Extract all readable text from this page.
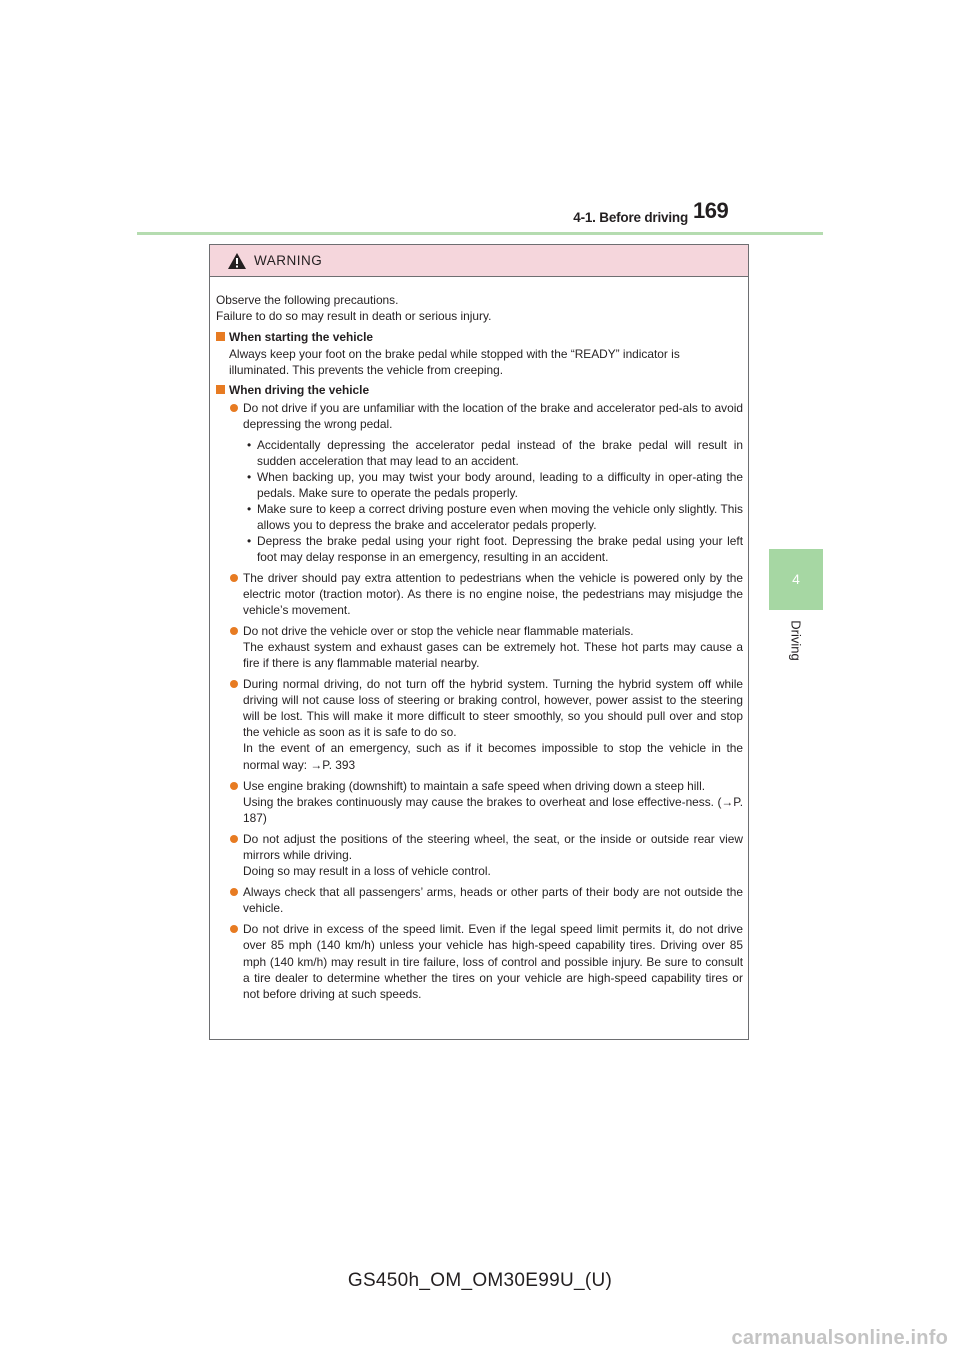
4-1. Before driving 169
4
Driving
WARNING

Observe the following precautions.

Failure to do so may result in death or serious injury.

When starting the vehicle

Always keep your foot on the brake pedal while stopped with the “READY” indicator is illuminated. This prevents the vehicle from creeping.

When driving the vehicle
Do not drive if you are unfamiliar with the location of the brake and accelerator ped-als to avoid depressing the wrong pedal.
• Accidentally depressing the accelerator pedal instead of the brake pedal will result in sudden acceleration that may lead to an accident.
• When backing up, you may twist your body around, leading to a difficulty in oper-ating the pedals. Make sure to operate the pedals properly.
• Make sure to keep a correct driving posture even when moving the vehicle only slightly. This allows you to depress the brake and accelerator pedals properly.
• Depress the brake pedal using your right foot. Depressing the brake pedal using your left foot may delay response in an emergency, resulting in an accident.
The driver should pay extra attention to pedestrians when the vehicle is powered only by the electric motor (traction motor). As there is no engine noise, the pedestrians may misjudge the vehicle’s movement.
Do not drive the vehicle over or stop the vehicle near flammable materials.
The exhaust system and exhaust gases can be extremely hot. These hot parts may cause a fire if there is any flammable material nearby.
During normal driving, do not turn off the hybrid system. Turning the hybrid system off while driving will not cause loss of steering or braking control, however, power assist to the steering will be lost. This will make it more difficult to steer smoothly, so you should pull over and stop the vehicle as soon as it is safe to do so.
In the event of an emergency, such as if it becomes impossible to stop the vehicle in the normal way: →P. 393
Use engine braking (downshift) to maintain a safe speed when driving down a steep hill.
Using the brakes continuously may cause the brakes to overheat and lose effective-ness. (→P. 187)
Do not adjust the positions of the steering wheel, the seat, or the inside or outside rear view mirrors while driving.
Doing so may result in a loss of vehicle control.
Always check that all passengers’ arms, heads or other parts of their body are not outside the vehicle.
Do not drive in excess of the speed limit. Even if the legal speed limit permits it, do not drive over 85 mph (140 km/h) unless your vehicle has high-speed capability tires. Driving over 85 mph (140 km/h) may result in tire failure, loss of control and possible injury. Be sure to consult a tire dealer to determine whether the tires on your vehicle are high-speed capability tires or not before driving at such speeds.
GS450h_OM_OM30E99U_(U)
carmanualsonline.info
